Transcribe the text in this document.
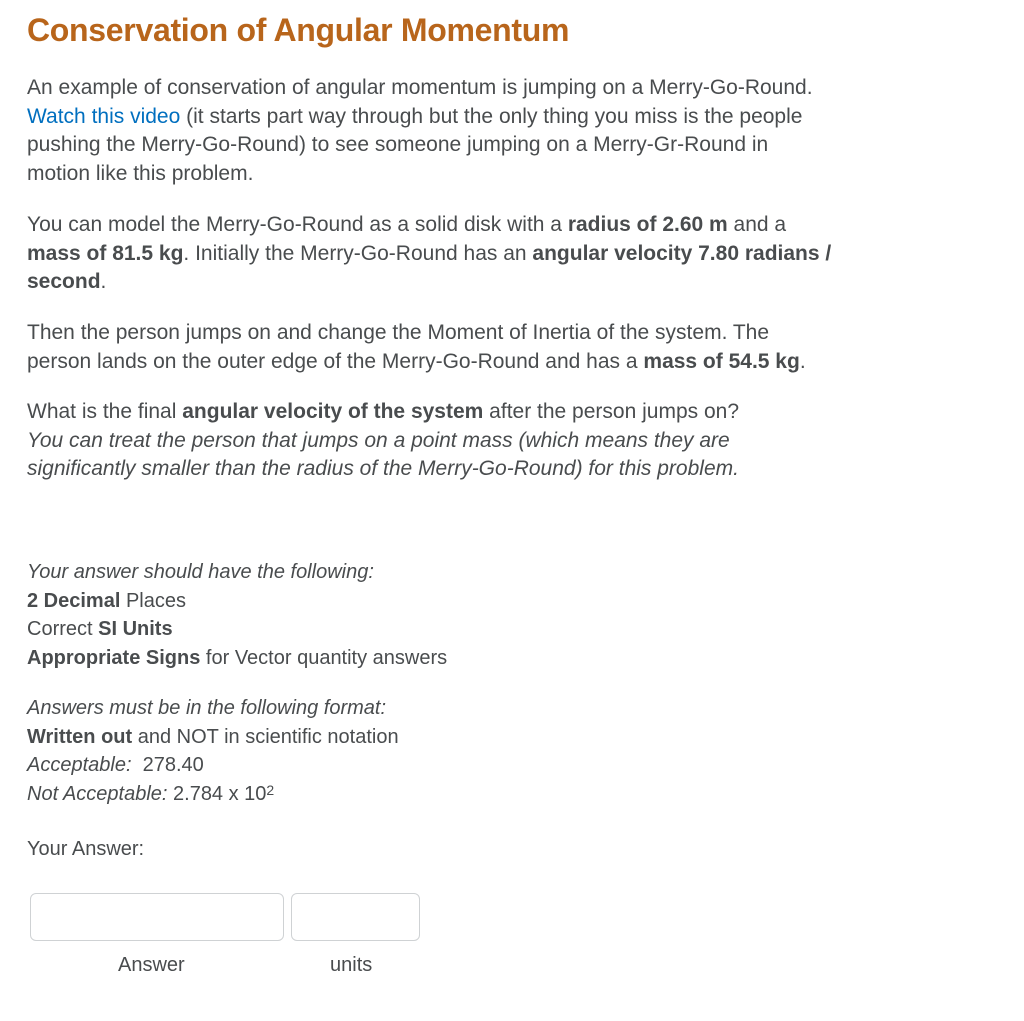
Conservation of Angular Momentum

An example of conservation of angular momentum is jumping on a Merry-Go-Round.
Watch this video (it starts part way through but the only thing you miss is the people
pushing the Merry-Go-Round) to see someone jumping on a Merry-Gr-Round in
motion like this problem.

You can model the Merry-Go-Round as a solid disk with a radius of 2.60 m and a
mass of 81.5 kg. Initially the Merry-Go-Round has an angular velocity 7.80 radians /
second.

Then the person jumps on and change the Moment of Inertia of the system. The
person lands on the outer edge of the Merry-Go-Round and has a mass of 54.5 kg.

What is the final angular velocity of the system after the person jumps on?
You can treat the person that jumps on a point mass (which means they are
significantly smaller than the radius of the Merry-Go-Round) for this problem.

Your answer should have the following:
2 Decimal Places
Correct SI Units
Appropriate Signs for Vector quantity answers

Answers must be in the following format:
Written out and NOT in scientific notation
Acceptable:  278.40
Not Acceptable: 2.784 x $10^2$

Your Answer:
Answer	units
